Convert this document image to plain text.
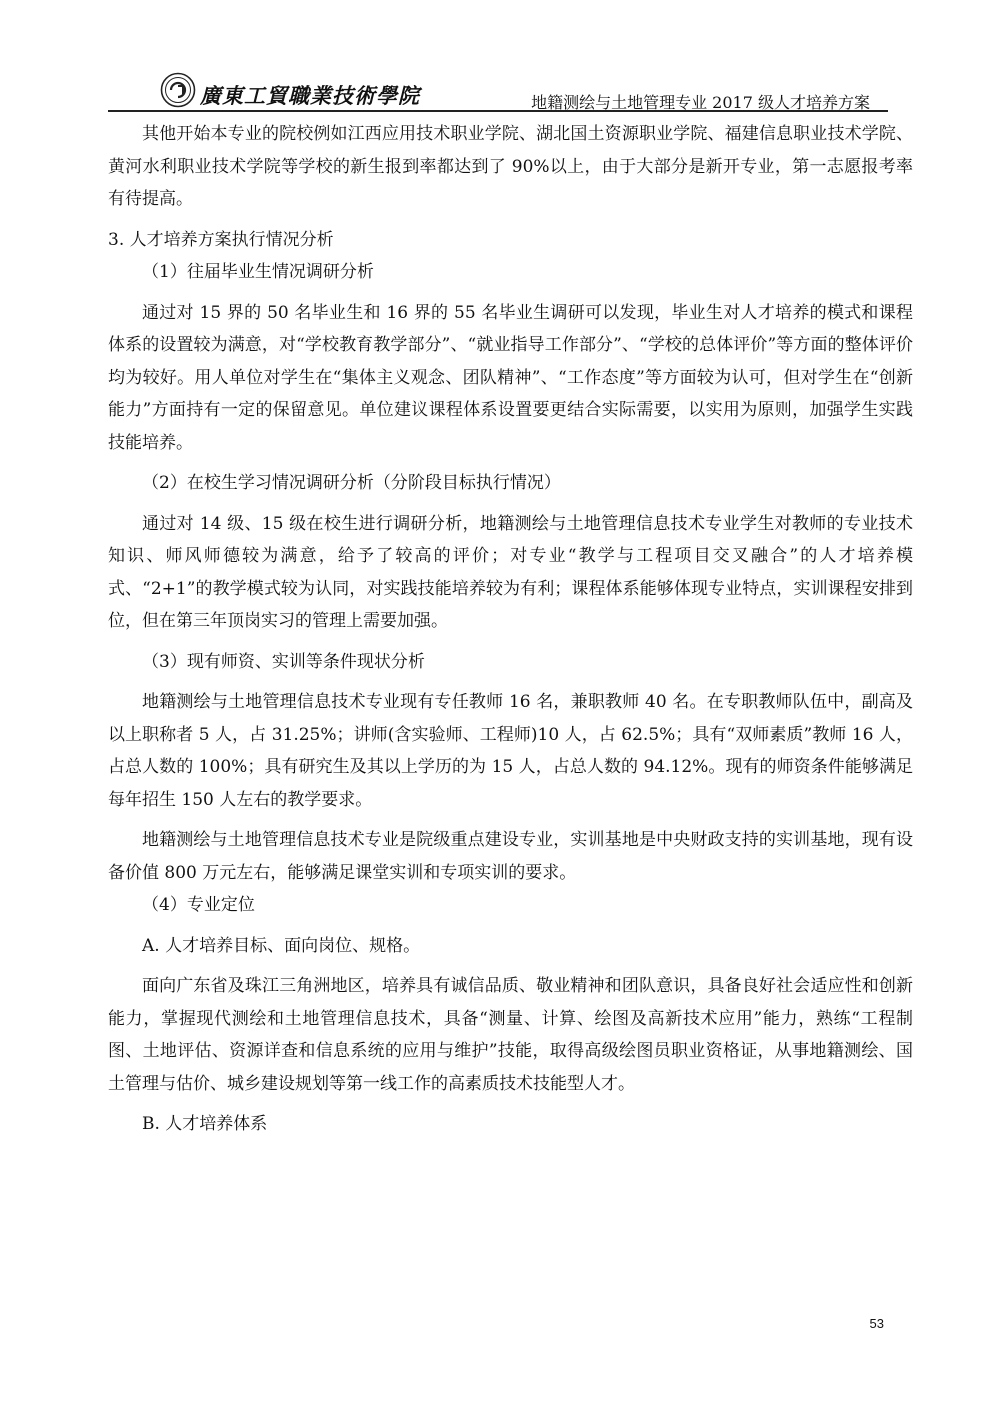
廣東工貿職業技術學院	地籍测绘与土地管理专业 2017 级人才培养方案

其他开始本专业的院校例如江西应用技术职业学院、湖北国土资源职业学院、福建信息职业技术学院、黄河水利职业技术学院等学校的新生报到率都达到了 90%以上，由于大部分是新开专业，第一志愿报考率有待提高。

3. 人才培养方案执行情况分析

（1）往届毕业生情况调研分析

通过对 15 界的 50 名毕业生和 16 界的 55 名毕业生调研可以发现，毕业生对人才培养的模式和课程体系的设置较为满意，对“学校教育教学部分”、“就业指导工作部分”、“学校的总体评价”等方面的整体评价均为较好。用人单位对学生在“集体主义观念、团队精神”、“工作态度”等方面较为认可，但对学生在“创新能力”方面持有一定的保留意见。单位建议课程体系设置要更结合实际需要，以实用为原则，加强学生实践技能培养。

（2）在校生学习情况调研分析（分阶段目标执行情况）

通过对 14 级、15 级在校生进行调研分析，地籍测绘与土地管理信息技术专业学生对教师的专业技术知识、师风师德较为满意，给予了较高的评价；对专业“教学与工程项目交叉融合”的人才培养模式、“2+1”的教学模式较为认同，对实践技能培养较为有利；课程体系能够体现专业特点，实训课程安排到位，但在第三年顶岗实习的管理上需要加强。

（3）现有师资、实训等条件现状分析

地籍测绘与土地管理信息技术专业现有专任教师 16 名，兼职教师 40 名。在专职教师队伍中，副高及以上职称者 5 人，占 31.25%；讲师(含实验师、工程师)10 人，占 62.5%；具有“双师素质”教师 16 人，占总人数的 100%；具有研究生及其以上学历的为 15 人，占总人数的 94.12%。现有的师资条件能够满足每年招生 150 人左右的教学要求。

地籍测绘与土地管理信息技术专业是院级重点建设专业，实训基地是中央财政支持的实训基地，现有设备价值 800 万元左右，能够满足课堂实训和专项实训的要求。

（4）专业定位

A. 人才培养目标、面向岗位、规格。

面向广东省及珠江三角洲地区，培养具有诚信品质、敬业精神和团队意识，具备良好社会适应性和创新能力，掌握现代测绘和土地管理信息技术，具备“测量、计算、绘图及高新技术应用”能力，熟练“工程制图、土地评估、资源详查和信息系统的应用与维护”技能，取得高级绘图员职业资格证，从事地籍测绘、国土管理与估价、城乡建设规划等第一线工作的高素质技术技能型人才。

B. 人才培养体系

53
